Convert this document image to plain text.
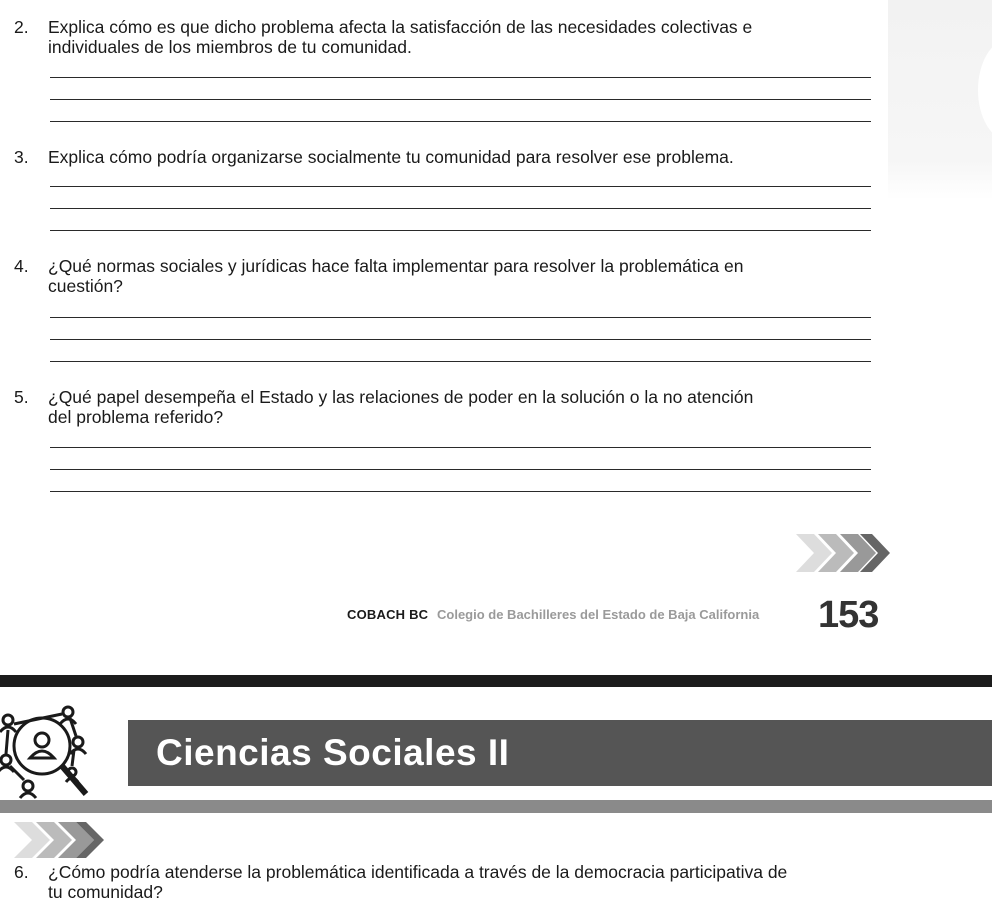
2. Explica cómo es que dicho problema afecta la satisfacción de las necesidades colectivas e
individuales de los miembros de tu comunidad.
3. Explica cómo podría organizarse socialmente tu comunidad para resolver ese problema.
4. ¿Qué normas sociales y jurídicas hace falta implementar para resolver la problemática en
cuestión?
5. ¿Qué papel desempeña el Estado y las relaciones de poder en la solución o la no atención
del problema referido?
COBACH BC Colegio de Bachilleres del Estado de Baja California 153
Ciencias Sociales II
6. ¿Cómo podría atenderse la problemática identificada a través de la democracia participativa de
tu comunidad?
